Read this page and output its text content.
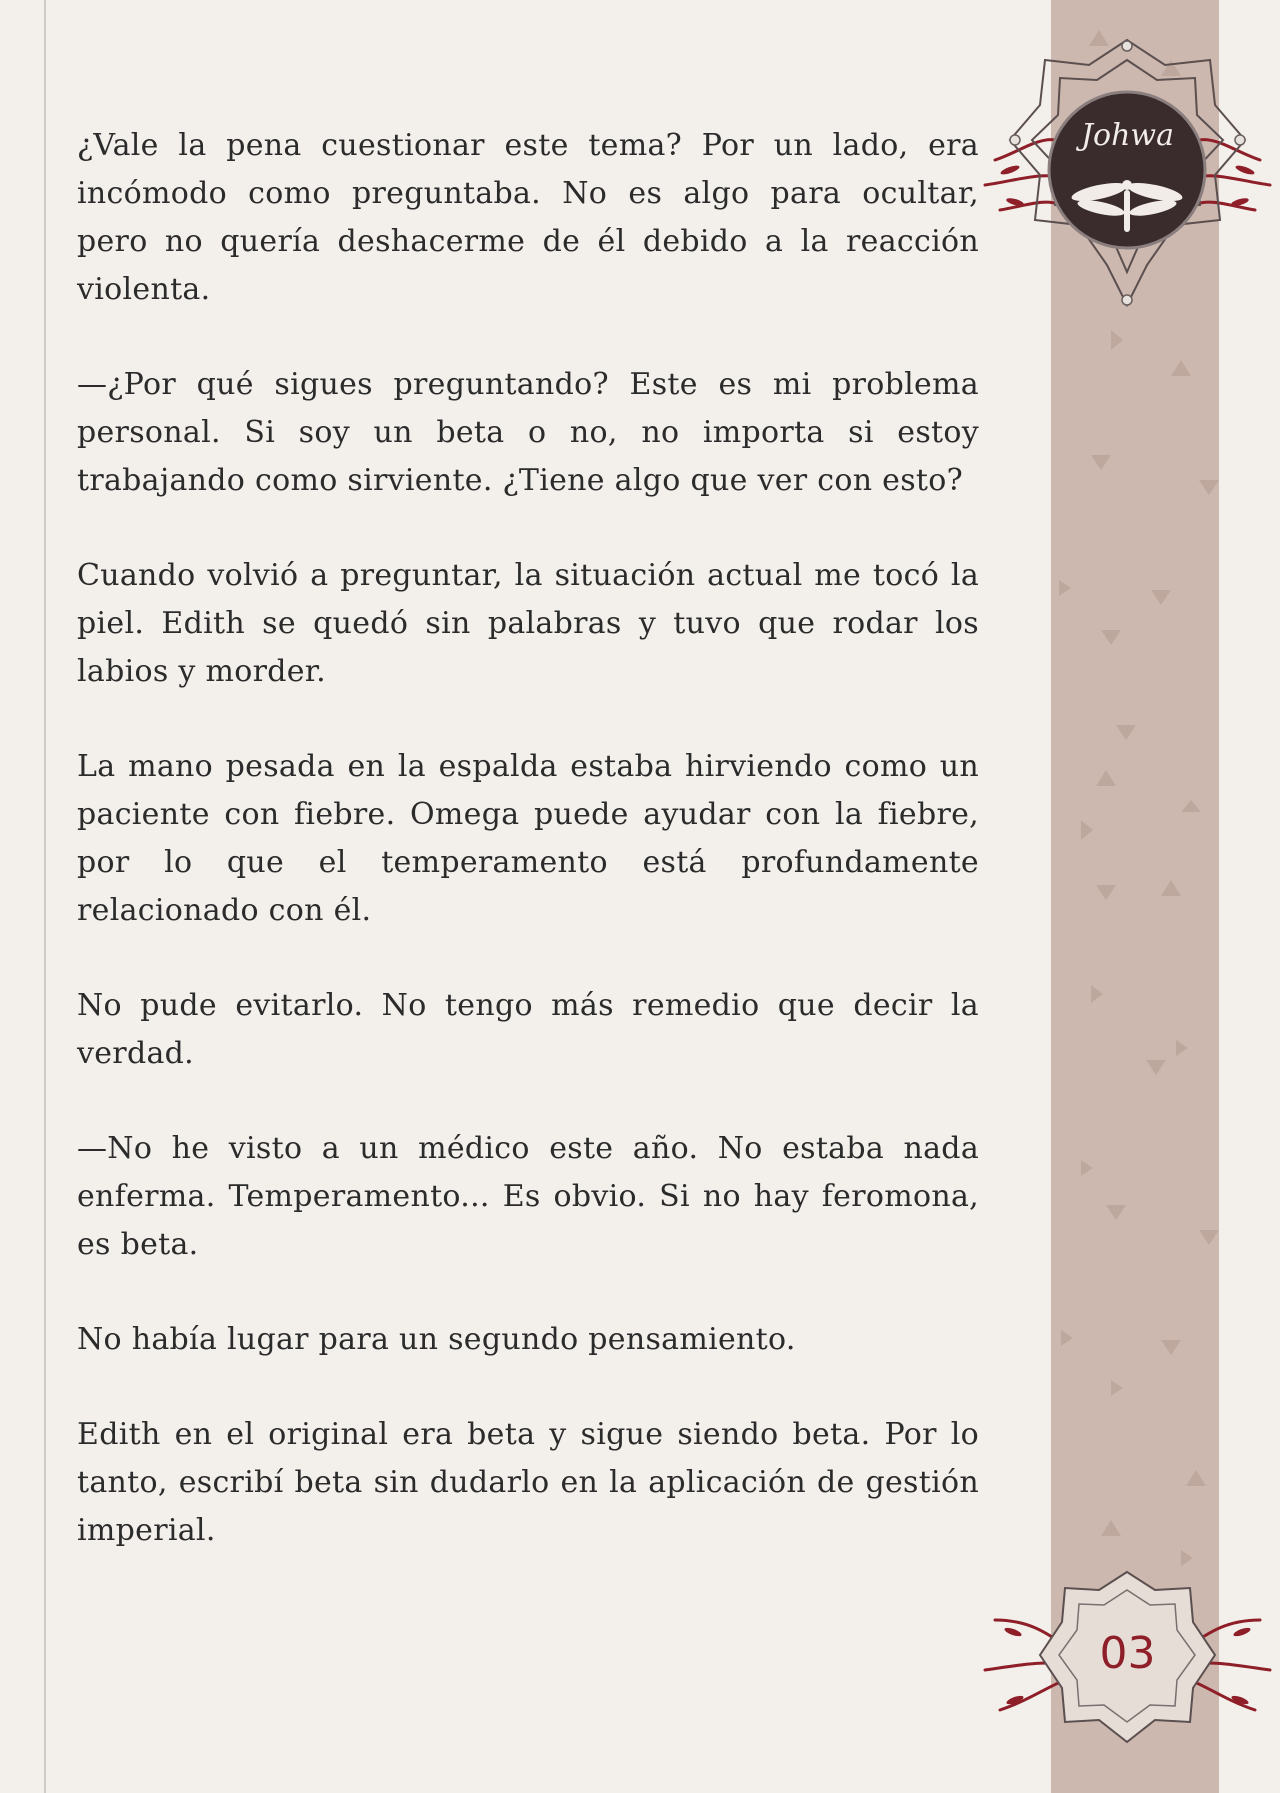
¿Vale la pena cuestionar este tema? Por un lado, era incómodo como preguntaba. No es algo para ocultar, pero no quería deshacerme de él debido a la reacción violenta.

—¿Por qué sigues preguntando? Este es mi problema personal. Si soy un beta o no, no importa si estoy trabajando como sirviente. ¿Tiene algo que ver con esto?

Cuando volvió a preguntar, la situación actual me tocó la piel. Edith se quedó sin palabras y tuvo que rodar los labios y morder.

La mano pesada en la espalda estaba hirviendo como un paciente con fiebre. Omega puede ayudar con la fiebre, por lo que el temperamento está profundamente relacionado con él.

No pude evitarlo. No tengo más remedio que decir la verdad.

—No he visto a un médico este año. No estaba nada enferma. Temperamento... Es obvio. Si no hay feromona, es beta.

No había lugar para un segundo pensamiento.

Edith en el original era beta y sigue siendo beta. Por lo tanto, escribí beta sin dudarlo en la aplicación de gestión imperial.

Johwa
03
